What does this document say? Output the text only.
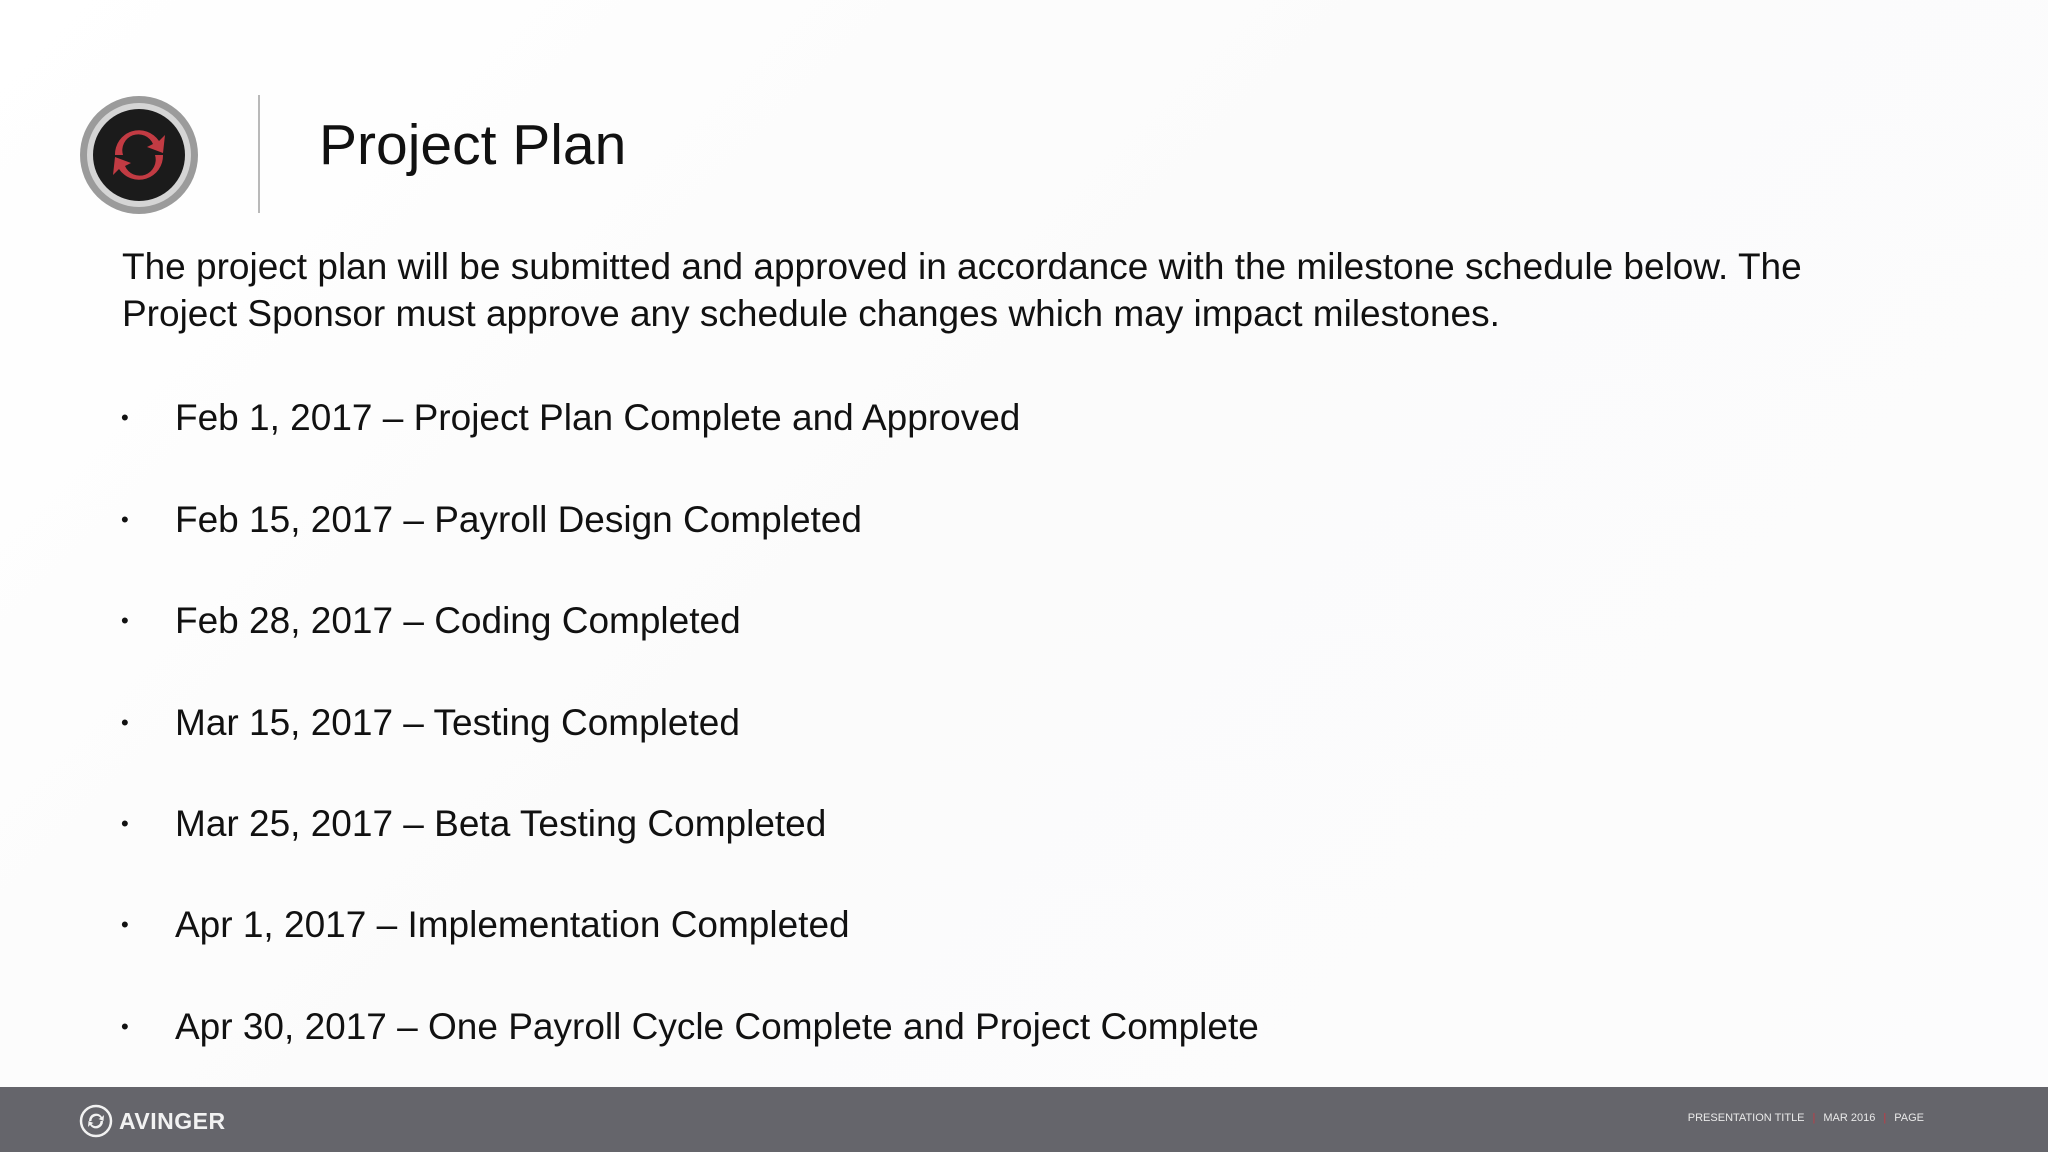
Project Plan

The project plan will be submitted and approved in accordance with the milestone schedule below. The Project Sponsor must approve any schedule changes which may impact milestones.

• Feb 1, 2017 – Project Plan Complete and Approved
• Feb 15, 2017 – Payroll Design Completed
• Feb 28, 2017 – Coding Completed
• Mar 15, 2017 – Testing Completed
• Mar 25, 2017 – Beta Testing Completed
• Apr 1, 2017 – Implementation Completed
• Apr 30, 2017 – One Payroll Cycle Complete and Project Complete
AVINGER	PRESENTATION TITLE | MAR 2016 | PAGE
